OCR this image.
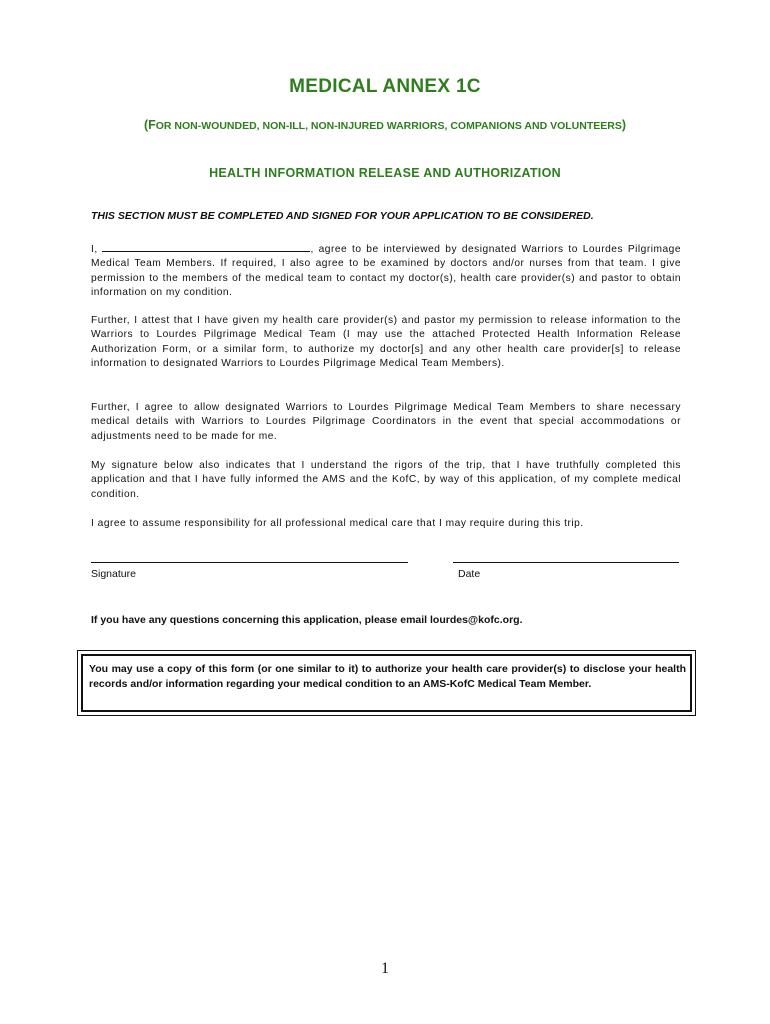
MEDICAL ANNEX 1C
(FOR NON-WOUNDED, NON-ILL, NON-INJURED WARRIORS, COMPANIONS AND VOLUNTEERS)
HEALTH INFORMATION RELEASE AND AUTHORIZATION
THIS SECTION MUST BE COMPLETED AND SIGNED FOR YOUR APPLICATION TO BE CONSIDERED.

I,	, agree to be interviewed by designated Warriors to Lourdes Pilgrimage Medical Team Members. If required, I also agree to be examined by doctors and/or nurses from that team. I give permission to the members of the medical team to contact my doctor(s), health care provider(s) and pastor to obtain information on my condition.

Further, I attest that I have given my health care provider(s) and pastor my permission to release information to the Warriors to Lourdes Pilgrimage Medical Team (I may use the attached Protected Health Information Release Authorization Form, or a similar form, to authorize my doctor[s] and any other health care provider[s] to release information to designated Warriors to Lourdes Pilgrimage Medical Team Members).

Further, I agree to allow designated Warriors to Lourdes Pilgrimage Medical Team Members to share necessary medical details with Warriors to Lourdes Pilgrimage Coordinators in the event that special accommodations or adjustments need to be made for me.

My signature below also indicates that I understand the rigors of the trip, that I have truthfully completed this application and that I have fully informed the AMS and the KofC, by way of this application, of my complete medical condition.

I agree to assume responsibility for all professional medical care that I may require during this trip.

Signature	Date
If you have any questions concerning this application, please email lourdes@kofc.org.
You may use a copy of this form (or one similar to it) to authorize your health care provider(s) to disclose your health records and/or information regarding your medical condition to an AMS-KofC Medical Team Member.
1
